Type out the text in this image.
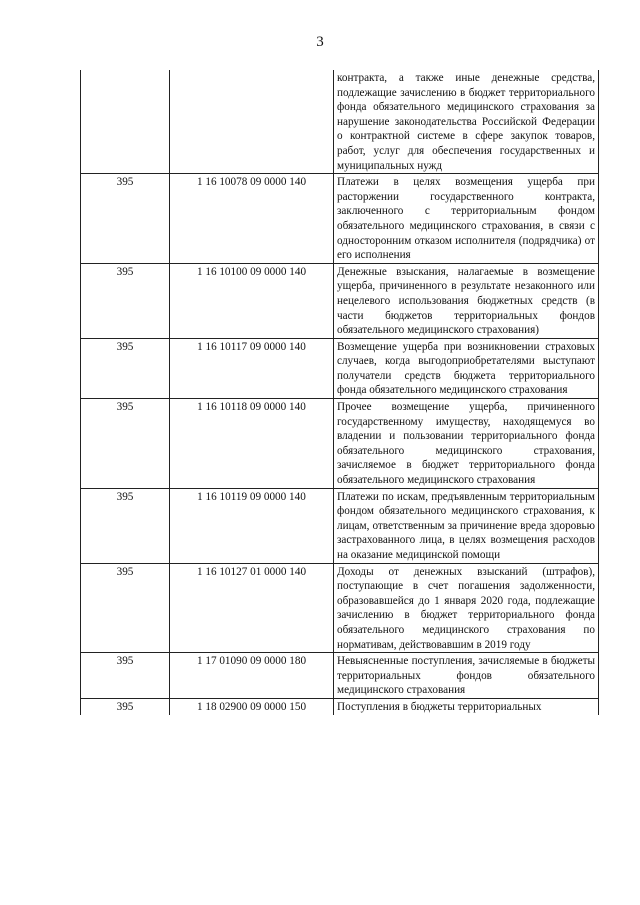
3
		контракта, а также иные денежные средства, подлежащие зачислению в бюджет территориального фонда обязательного медицинского страхования за нарушение законодательства Российской Федерации о контрактной системе в сфере закупок товаров, работ, услуг для обеспечения государственных и муниципальных нужд
395	1 16 10078 09 0000 140	Платежи в целях возмещения ущерба при расторжении государственного контракта, заключенного с территориальным фондом обязательного медицинского страхования, в связи с односторонним отказом исполнителя (подрядчика) от его исполнения
395	1 16 10100 09 0000 140	Денежные взыскания, налагаемые в возмещение ущерба, причиненного в результате незаконного или нецелевого использования бюджетных средств (в части бюджетов территориальных фондов обязательного медицинского страхования)
395	1 16 10117 09 0000 140	Возмещение ущерба при возникновении страховых случаев, когда выгодоприобретателями выступают получатели средств бюджета территориального фонда обязательного медицинского страхования
395	1 16 10118 09 0000 140	Прочее возмещение ущерба, причиненного государственному имуществу, находящемуся во владении и пользовании территориального фонда обязательного медицинского страхования, зачисляемое в бюджет территориального фонда обязательного медицинского страхования
395	1 16 10119 09 0000 140	Платежи по искам, предъявленным территориальным фондом обязательного медицинского страхования, к лицам, ответственным за причинение вреда здоровью застрахованного лица, в целях возмещения расходов на оказание медицинской помощи
395	1 16 10127 01 0000 140	Доходы от денежных взысканий (штрафов), поступающие в счет погашения задолженности, образовавшейся до 1 января 2020 года, подлежащие зачислению в бюджет территориального фонда обязательного медицинского страхования по нормативам, действовавшим в 2019 году
395	1 17 01090 09 0000 180	Невыясненные поступления, зачисляемые в бюджеты территориальных фондов обязательного медицинского страхования
395	1 18 02900 09 0000 150	Поступления в бюджеты территориальных
